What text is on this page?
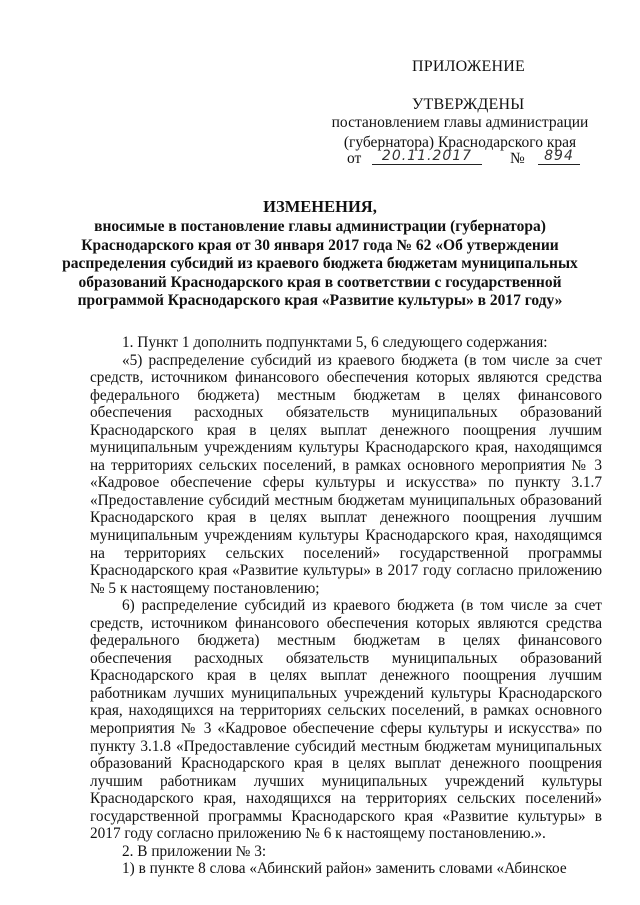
ПРИЛОЖЕНИЕ
УТВЕРЖДЕНЫ
постановлением главы администрации
(губернатора) Краснодарского края
от	20.11.2017	№	894
ИЗМЕНЕНИЯ,
вносимые в постановление главы администрации (губернатора) Краснодарского края от 30 января 2017 года № 62 «Об утверждении распределения субсидий из краевого бюджета бюджетам муниципальных образований Краснодарского края в соответствии с государственной программой Краснодарского края «Развитие культуры» в 2017 году»

1. Пункт 1 дополнить подпунктами 5, 6 следующего содержания:

«5) распределение субсидий из краевого бюджета (в том числе за счет средств, источником финансового обеспечения которых являются средства федерального бюджета) местным бюджетам в целях финансового обеспечения расходных обязательств муниципальных образований Краснодарского края в целях выплат денежного поощрения лучшим муниципальным учреждениям культуры Краснодарского края, находящимся на территориях сельских поселений, в рамках основного мероприятия № 3 «Кадровое обеспечение сферы культуры и искусства» по пункту 3.1.7 «Предоставление субсидий местным бюджетам муниципальных образований Краснодарского края в целях выплат денежного поощрения лучшим муниципальным учреждениям культуры Краснодарского края, находящимся на территориях сельских поселений» государственной программы Краснодарского края «Развитие культуры» в 2017 году согласно приложению № 5 к настоящему постановлению;

6) распределение субсидий из краевого бюджета (в том числе за счет средств, источником финансового обеспечения которых являются средства федерального бюджета) местным бюджетам в целях финансового обеспечения расходных обязательств муниципальных образований Краснодарского края в целях выплат денежного поощрения лучшим работникам лучших муниципальных учреждений культуры Краснодарского края, находящихся на территориях сельских поселений, в рамках основного мероприятия № 3 «Кадровое обеспечение сферы культуры и искусства» по пункту 3.1.8 «Предоставление субсидий местным бюджетам муниципальных образований Краснодарского края в целях выплат денежного поощрения лучшим работникам лучших муниципальных учреждений культуры Краснодарского края, находящихся на территориях сельских поселений» государственной программы Краснодарского края «Развитие культуры» в 2017 году согласно приложению № 6 к настоящему постановлению.».

2. В приложении № 3:

1) в пункте 8 слова «Абинский район» заменить словами «Абинское
